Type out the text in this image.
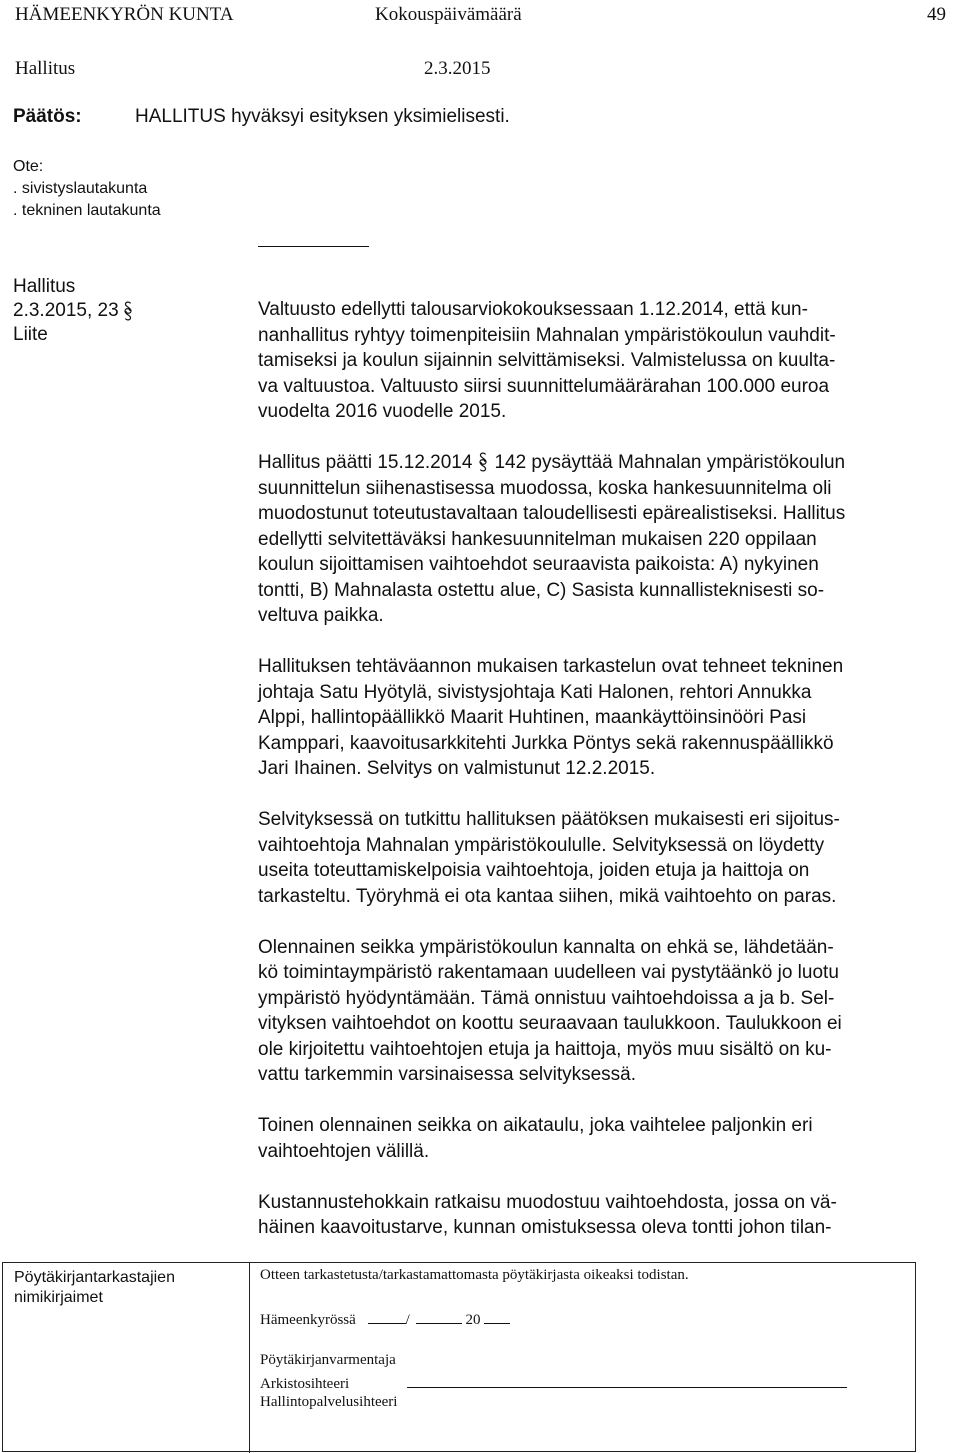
HÄMEENKYRÖN KUNTA	Kokouspäivämäärä	49
Hallitus	2.3.2015
Päätös:	HALLITUS hyväksyi esityksen yksimielisesti.
Ote:
. sivistyslautakunta
. tekninen lautakunta
Hallitus
2.3.2015, 23
Liite

Valtuusto edellytti talousarviokokouksessaan 1.12.2014, että kun-
nanhallitus ryhtyy toimenpiteisiin Mahnalan ympäristökoulun vauhdit-
tamiseksi ja koulun sijainnin selvittämiseksi. Valmistelussa on kuulta-
va valtuustoa. Valtuusto siirsi suunnittelumäärärahan 100.000 euroa
vuodelta 2016 vuodelle 2015.

Hallitus päätti 15.12.2014 142 pysäyttää Mahnalan ympäristökoulun
suunnittelun siihenastisessa muodossa, koska hankesuunnitelma oli
muodostunut toteutustavaltaan taloudellisesti epärealistiseksi. Hallitus
edellytti selvitettäväksi hankesuunnitelman mukaisen 220 oppilaan
koulun sijoittamisen vaihtoehdot seuraavista paikoista: A) nykyinen
tontti, B) Mahnalasta ostettu alue, C) Sasista kunnallisteknisesti so-
veltuva paikka.

Hallituksen tehtäväannon mukaisen tarkastelun ovat tehneet tekninen
johtaja Satu Hyötylä, sivistysjohtaja Kati Halonen, rehtori Annukka
Alppi, hallintopäällikkö Maarit Huhtinen, maankäyttöinsinööri Pasi
Kamppari, kaavoitusarkkitehti Jurkka Pöntys sekä rakennuspäällikkö
Jari Ihainen. Selvitys on valmistunut 12.2.2015.

Selvityksessä on tutkittu hallituksen päätöksen mukaisesti eri sijoitus-
vaihtoehtoja Mahnalan ympäristökoululle. Selvityksessä on löydetty
useita toteuttamiskelpoisia vaihtoehtoja, joiden etuja ja haittoja on
tarkasteltu. Työryhmä ei ota kantaa siihen, mikä vaihtoehto on paras.

Olennainen seikka ympäristökoulun kannalta on ehkä se, lähdetään-
kö toimintaympäristö rakentamaan uudelleen vai pystytäänkö jo luotu
ympäristö hyödyntämään. Tämä onnistuu vaihtoehdoissa a ja b. Sel-
vityksen vaihtoehdot on koottu seuraavaan taulukkoon. Taulukkoon ei
ole kirjoitettu vaihtoehtojen etuja ja haittoja, myös muu sisältö on ku-
vattu tarkemmin varsinaisessa selvityksessä.

Toinen olennainen seikka on aikataulu, joka vaihtelee paljonkin eri
vaihtoehtojen välillä.

Kustannustehokkain ratkaisu muodostuu vaihtoehdosta, jossa on vä-
häinen kaavoitustarve, kunnan omistuksessa oleva tontti johon tilan-

Pöytäkirjantarkastajien
nimikirjaimet
Otteen tarkastetusta/tarkastamattomasta pöytäkirjasta oikeaksi todistan.
Hämeenkyrössä	/	20
Pöytäkirjanvarmentaja
Arkistosihteeri
Hallintopalvelusihteeri
